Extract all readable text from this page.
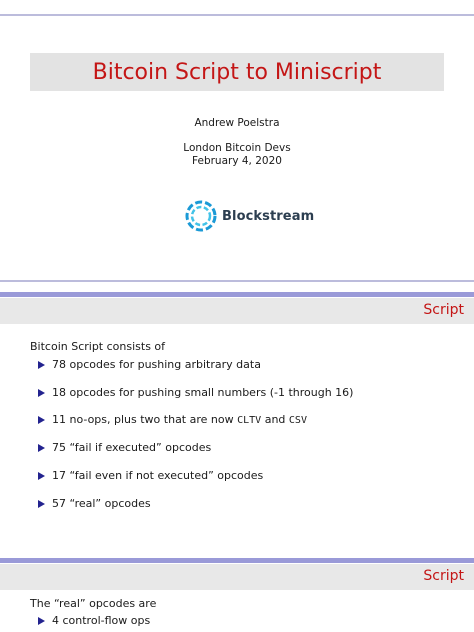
Bitcoin Script to Miniscript
Andrew Poelstra
London Bitcoin Devs
February 4, 2020
Blockstream
Script
Bitcoin Script consists of
78 opcodes for pushing arbitrary data
18 opcodes for pushing small numbers (-1 through 16)
11 no-ops, plus two that are now CLTV and CSV
75 “fail if executed” opcodes
17 “fail even if not executed” opcodes
57 “real” opcodes
Script
The “real” opcodes are
4 control-flow ops
